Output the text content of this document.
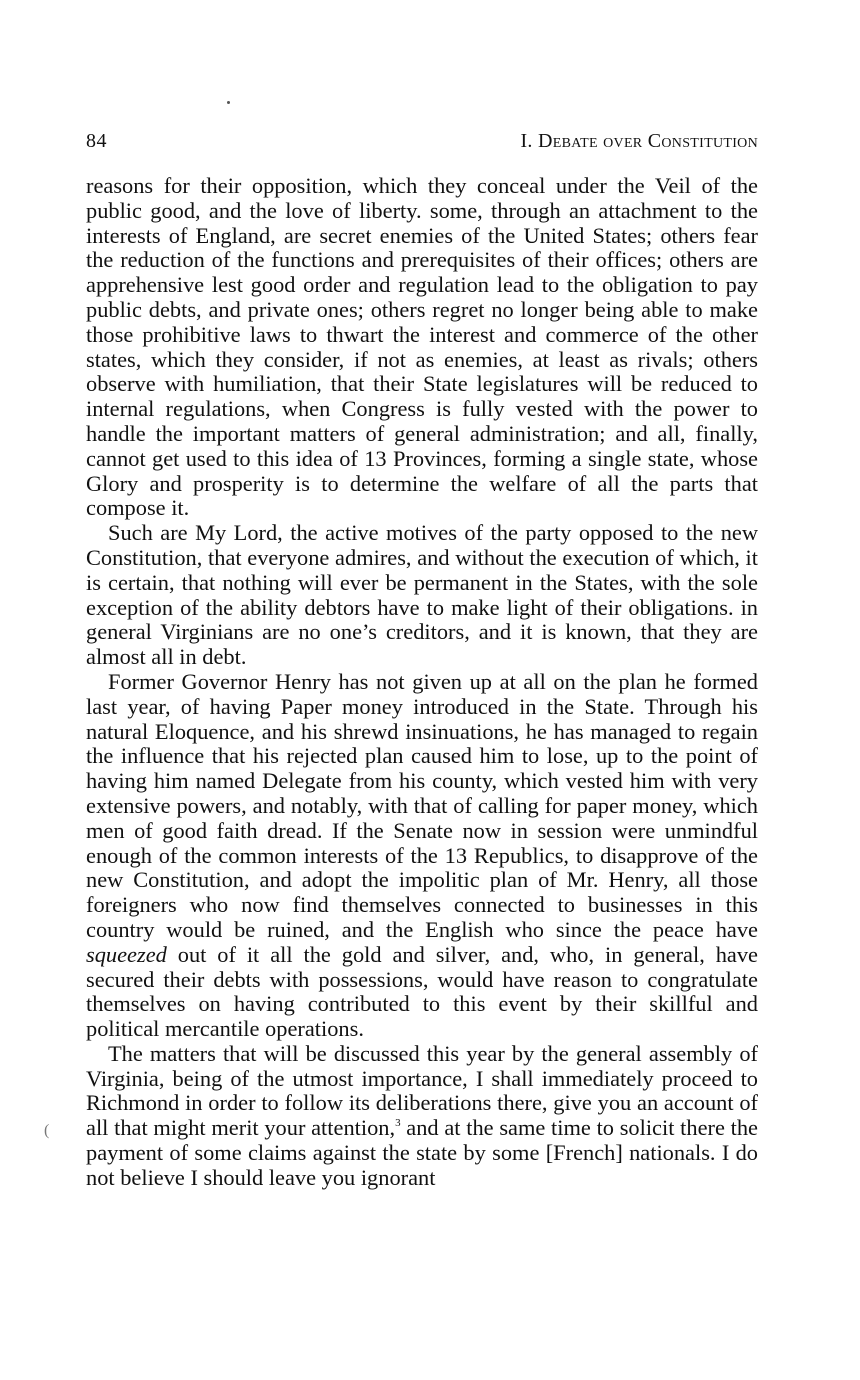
84	I. Debate over Constitution

reasons for their opposition, which they conceal under the Veil of the public good, and the love of liberty. some, through an attachment to the interests of England, are secret enemies of the United States; others fear the reduction of the functions and prerequisites of their offices; others are apprehensive lest good order and regulation lead to the obligation to pay public debts, and private ones; others regret no longer being able to make those prohibitive laws to thwart the interest and commerce of the other states, which they consider, if not as enemies, at least as rivals; others observe with humiliation, that their State legislatures will be reduced to internal regulations, when Congress is fully vested with the power to handle the important matters of general administration; and all, finally, cannot get used to this idea of 13 Provinces, forming a single state, whose Glory and prosperity is to determine the welfare of all the parts that compose it.

Such are My Lord, the active motives of the party opposed to the new Constitution, that everyone admires, and without the execution of which, it is certain, that nothing will ever be permanent in the States, with the sole exception of the ability debtors have to make light of their obligations. in general Virginians are no one’s creditors, and it is known, that they are almost all in debt.

Former Governor Henry has not given up at all on the plan he formed last year, of having Paper money introduced in the State. Through his natural Eloquence, and his shrewd insinuations, he has managed to regain the influence that his rejected plan caused him to lose, up to the point of having him named Delegate from his county, which vested him with very extensive powers, and notably, with that of calling for paper money, which men of good faith dread. If the Senate now in session were unmindful enough of the common interests of the 13 Republics, to disapprove of the new Constitution, and adopt the impolitic plan of Mr. Henry, all those foreigners who now find themselves connected to businesses in this country would be ruined, and the English who since the peace have squeezed out of it all the gold and silver, and, who, in general, have secured their debts with possessions, would have reason to congratulate themselves on having contributed to this event by their skillful and political mercantile operations.

The matters that will be discussed this year by the general assembly of Virginia, being of the utmost importance, I shall immediately proceed to Richmond in order to follow its deliberations there, give you an account of all that might merit your attention,$^3$ and at the same time to solicit there the payment of some claims against the state by some [French] nationals. I do not believe I should leave you ignorant

(
